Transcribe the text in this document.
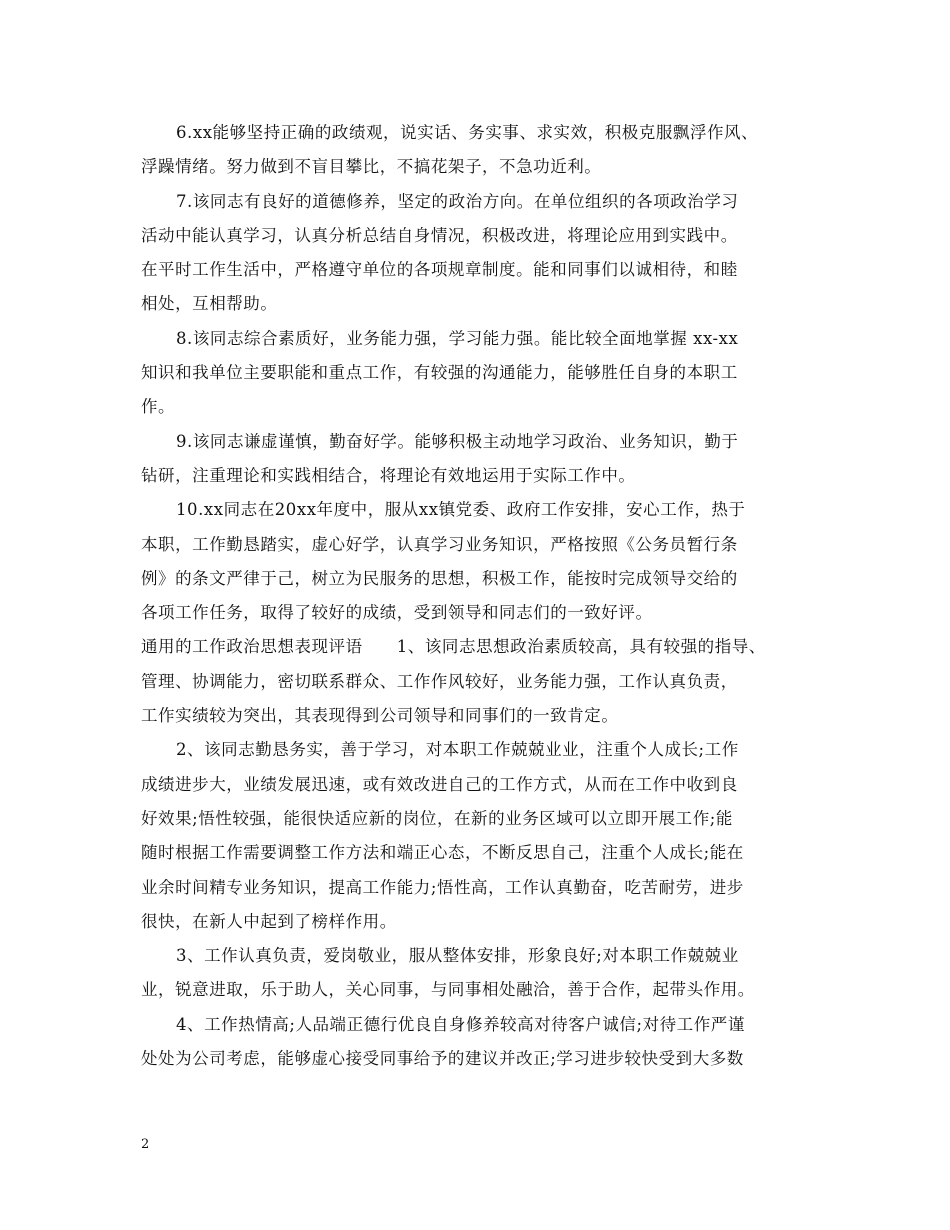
6.xx能够坚持正确的政绩观，说实话、务实事、求实效，积极克服飘浮作风、
浮躁情绪。努力做到不盲目攀比，不搞花架子，不急功近利。
7.该同志有良好的道德修养，坚定的政治方向。在单位组织的各项政治学习
活动中能认真学习，认真分析总结自身情况，积极改进，将理论应用到实践中。
在平时工作生活中，严格遵守单位的各项规章制度。能和同事们以诚相待，和睦
相处，互相帮助。
8.该同志综合素质好，业务能力强，学习能力强。能比较全面地掌握 xx-xx
知识和我单位主要职能和重点工作，有较强的沟通能力，能够胜任自身的本职工
作。
9.该同志谦虚谨慎，勤奋好学。能够积极主动地学习政治、业务知识，勤于
钻研，注重理论和实践相结合，将理论有效地运用于实际工作中。
10.xx同志在20xx年度中，服从xx镇党委、政府工作安排，安心工作，热于
本职，工作勤恳踏实，虚心好学，认真学习业务知识，严格按照《公务员暂行条
例》的条文严律于己，树立为民服务的思想，积极工作，能按时完成领导交给的
各项工作任务，取得了较好的成绩，受到领导和同志们的一致好评。
通用的工作政治思想表现评语　　1、该同志思想政治素质较高，具有较强的指导、
管理、协调能力，密切联系群众、工作作风较好，业务能力强，工作认真负责，
工作实绩较为突出，其表现得到公司领导和同事们的一致肯定。
2、该同志勤恳务实，善于学习，对本职工作兢兢业业，注重个人成长;工作
成绩进步大，业绩发展迅速，或有效改进自己的工作方式，从而在工作中收到良
好效果;悟性较强，能很快适应新的岗位，在新的业务区域可以立即开展工作;能
随时根据工作需要调整工作方法和端正心态，不断反思自己，注重个人成长;能在
业余时间精专业务知识，提高工作能力;悟性高，工作认真勤奋，吃苦耐劳，进步
很快，在新人中起到了榜样作用。
3、工作认真负责，爱岗敬业，服从整体安排，形象良好;对本职工作兢兢业
业，锐意进取，乐于助人，关心同事，与同事相处融洽，善于合作，起带头作用。
4、工作热情高;人品端正德行优良自身修养较高对待客户诚信;对待工作严谨
处处为公司考虑，能够虚心接受同事给予的建议并改正;学习进步较快受到大多数
2
